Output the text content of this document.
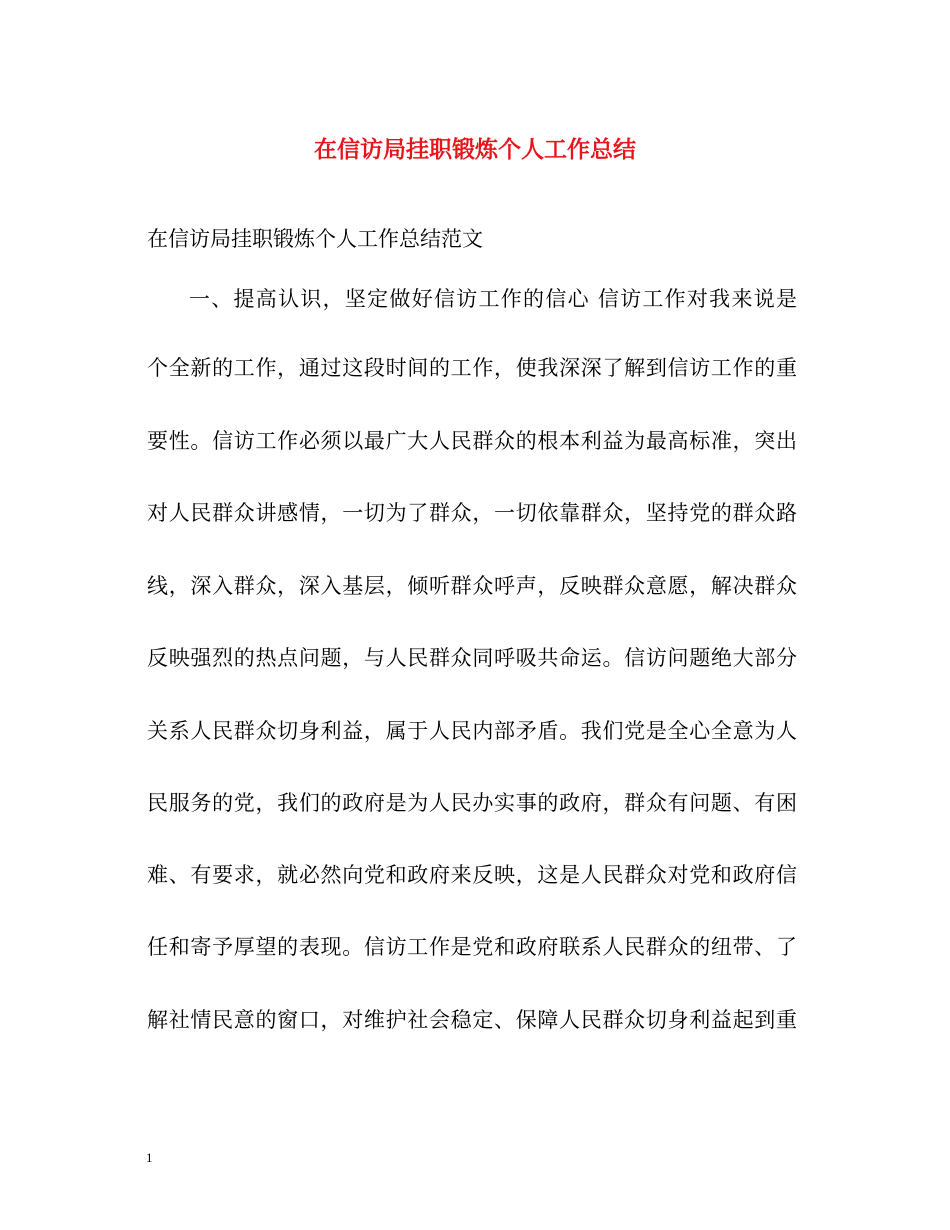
在信访局挂职锻炼个人工作总结
在信访局挂职锻炼个人工作总结范文
一、提高认识，坚定做好信访工作的信心 信访工作对我来说是
个全新的工作，通过这段时间的工作，使我深深了解到信访工作的重
要性。信访工作必须以最广大人民群众的根本利益为最高标准，突出
对人民群众讲感情，一切为了群众，一切依靠群众，坚持党的群众路
线，深入群众，深入基层，倾听群众呼声，反映群众意愿，解决群众
反映强烈的热点问题，与人民群众同呼吸共命运。信访问题绝大部分
关系人民群众切身利益，属于人民内部矛盾。我们党是全心全意为人
民服务的党，我们的政府是为人民办实事的政府，群众有问题、有困
难、有要求，就必然向党和政府来反映，这是人民群众对党和政府信
任和寄予厚望的表现。信访工作是党和政府联系人民群众的纽带、了
解社情民意的窗口，对维护社会稳定、保障人民群众切身利益起到重
1
